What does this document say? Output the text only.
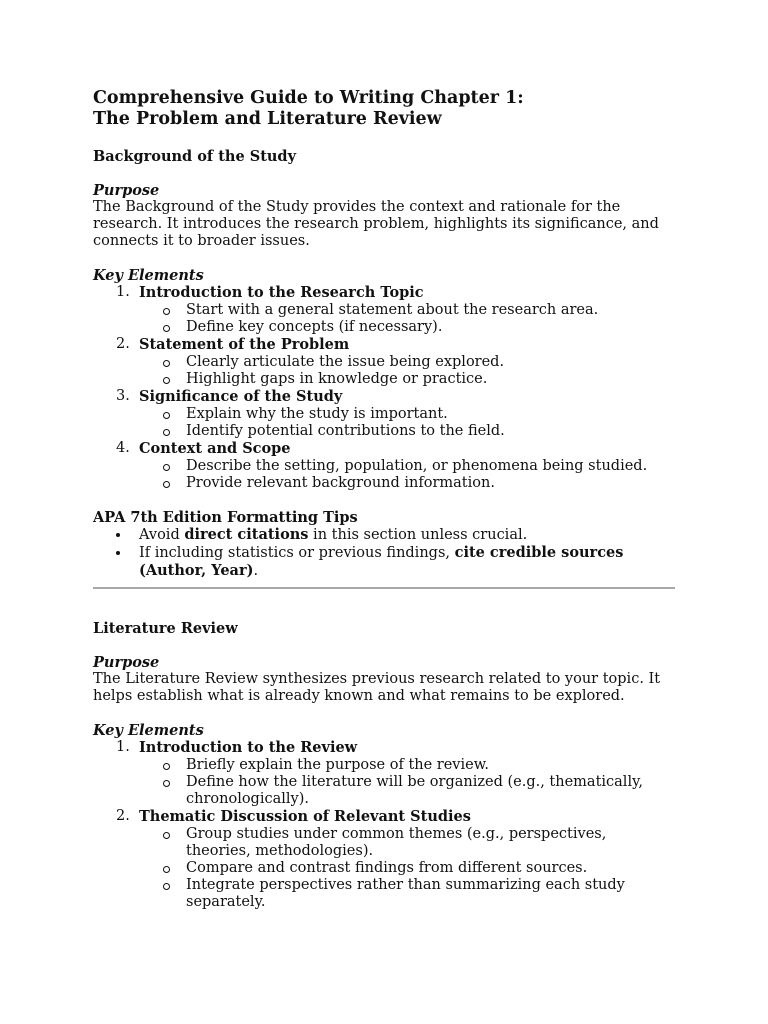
Comprehensive Guide to Writing Chapter 1:
The Problem and Literature Review
Background of the Study
Purpose

The Background of the Study provides the context and rationale for the research. It introduces the research problem, highlights its significance, and connects it to broader issues.

Key Elements
1. Introduction to the Research Topic
Start with a general statement about the research area.
Define key concepts (if necessary).
2. Statement of the Problem
Clearly articulate the issue being explored.
Highlight gaps in knowledge or practice.
3. Significance of the Study
Explain why the study is important.
Identify potential contributions to the field.
4. Context and Scope
Describe the setting, population, or phenomena being studied.
Provide relevant background information.
APA 7th Edition Formatting Tips
Avoid direct citations in this section unless crucial.
If including statistics or previous findings, cite credible sources (Author, Year).
Literature Review
Purpose

The Literature Review synthesizes previous research related to your topic. It helps establish what is already known and what remains to be explored.

Key Elements
1. Introduction to the Review
Briefly explain the purpose of the review.
Define how the literature will be organized (e.g., thematically, chronologically).
2. Thematic Discussion of Relevant Studies
Group studies under common themes (e.g., perspectives, theories, methodologies).
Compare and contrast findings from different sources.
Integrate perspectives rather than summarizing each study separately.
